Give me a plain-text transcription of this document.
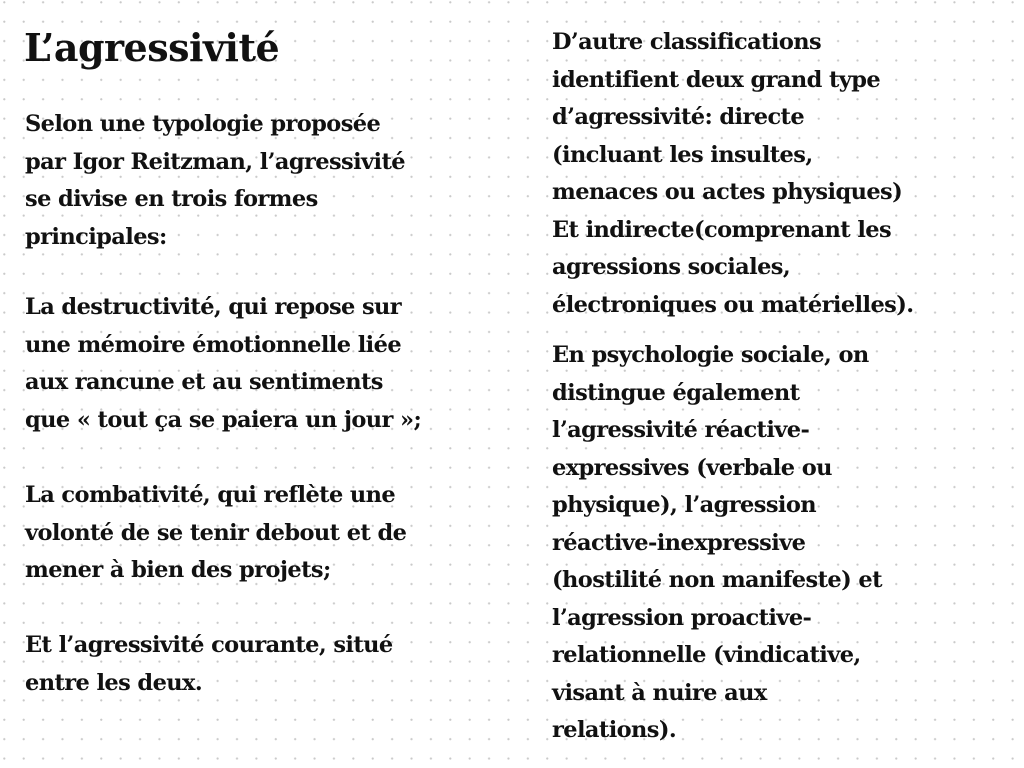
L’agressivité
Selon une typologie proposée
par Igor Reitzman, l’agressivité
se divise en trois formes
principales:
La destructivité, qui repose sur
une mémoire émotionnelle liée
aux rancune et au sentiments
que « tout ça se paiera un jour »;
La combativité, qui reflète une
volonté de se tenir debout et de
mener à bien des projets;
Et l’agressivité courante, situé
entre les deux.
D’autre classifications
identifient deux grand type
d’agressivité: directe
(incluant les insultes,
menaces ou actes physiques)
Et indirecte(comprenant les
agressions sociales,
électroniques ou matérielles).
En psychologie sociale, on
distingue également
l’agressivité réactive-
expressives (verbale ou
physique), l’agression
réactive-inexpressive
(hostilité non manifeste) et
l’agression proactive-
relationnelle (vindicative,
visant à nuire aux
relations).
